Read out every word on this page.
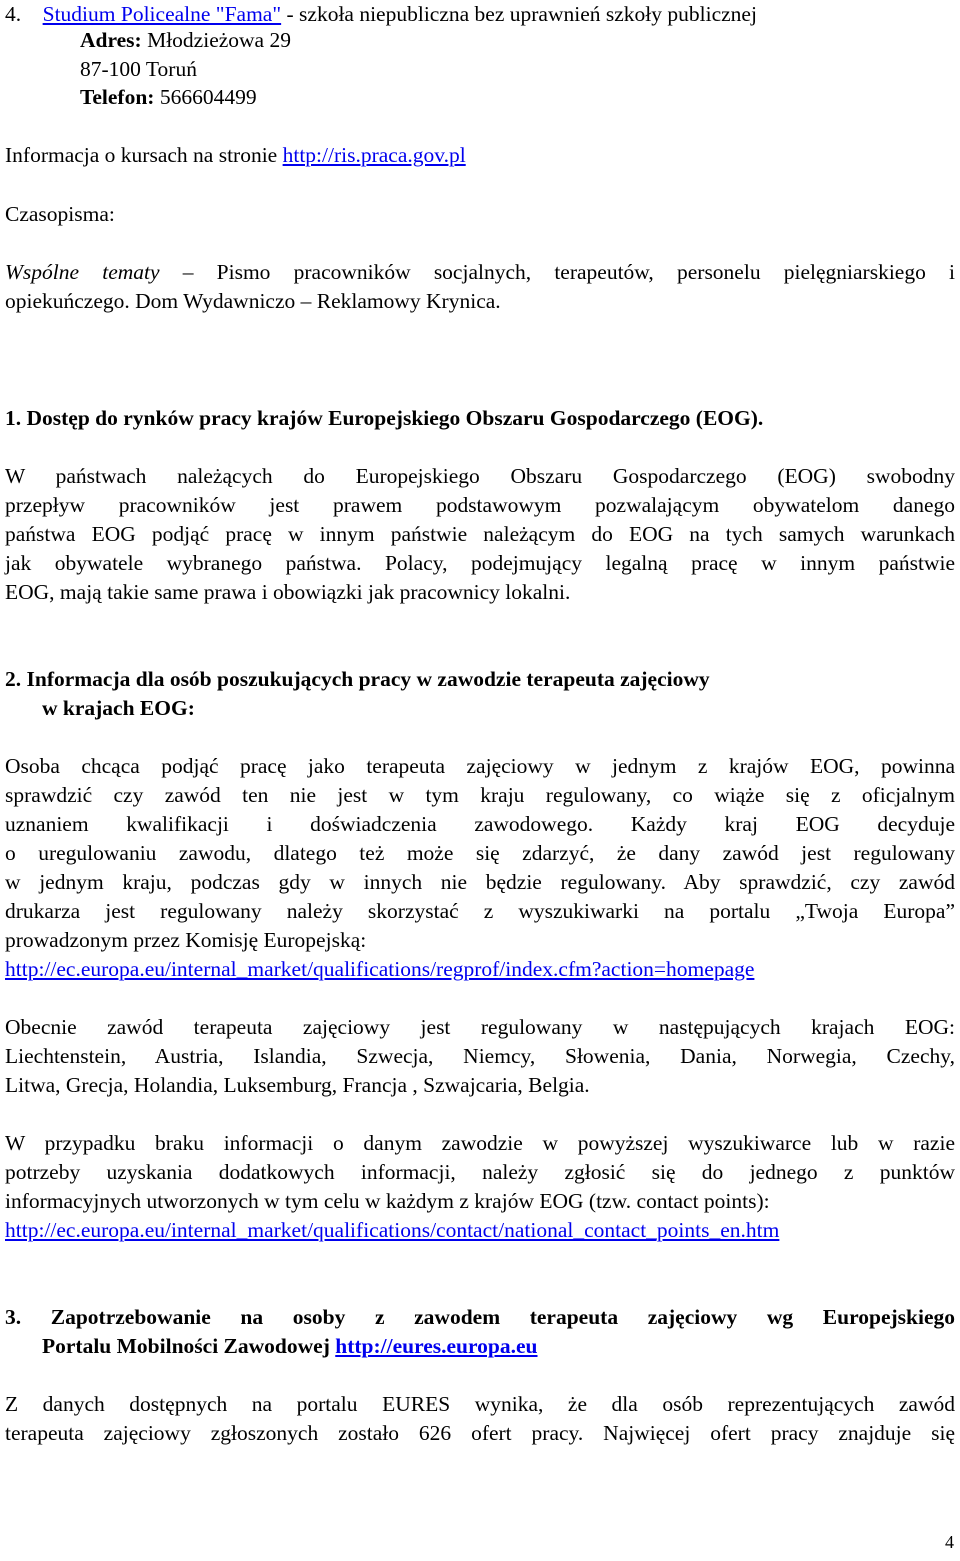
4. Studium Policealne "Fama" - szkoła niepubliczna bez uprawnień szkoły publicznej
Adres: Młodzieżowa 29
87-100 Toruń
Telefon: 566604499
Informacja o kursach na stronie http://ris.praca.gov.pl
Czasopisma:
Wspólne tematy – Pismo pracowników socjalnych, terapeutów, personelu pielęgniarskiego i
opiekuńczego. Dom Wydawniczo – Reklamowy Krynica.
1. Dostęp do rynków pracy krajów Europejskiego Obszaru Gospodarczego (EOG).
W państwach należących do Europejskiego Obszaru Gospodarczego (EOG) swobodny
przepływ pracowników jest prawem podstawowym pozwalającym obywatelom danego
państwa EOG podjąć pracę w innym państwie należącym do EOG na tych samych warunkach
jak obywatele wybranego państwa. Polacy, podejmujący legalną pracę w innym państwie
EOG, mają takie same prawa i obowiązki jak pracownicy lokalni.
2. Informacja dla osób poszukujących pracy w zawodzie terapeuta zajęciowy
w krajach EOG:
Osoba chcąca podjąć pracę jako terapeuta zajęciowy w jednym z krajów EOG, powinna
sprawdzić czy zawód ten nie jest w tym kraju regulowany, co wiąże się z oficjalnym
uznaniem kwalifikacji i doświadczenia zawodowego. Każdy kraj EOG decyduje
o uregulowaniu zawodu, dlatego też może się zdarzyć, że dany zawód jest regulowany
w jednym kraju, podczas gdy w innych nie będzie regulowany. Aby sprawdzić, czy zawód
drukarza jest regulowany należy skorzystać z wyszukiwarki na portalu „Twoja Europa”
prowadzonym przez Komisję Europejską:
http://ec.europa.eu/internal_market/qualifications/regprof/index.cfm?action=homepage
Obecnie zawód terapeuta zajęciowy jest regulowany w następujących krajach EOG:
Liechtenstein, Austria, Islandia, Szwecja, Niemcy, Słowenia, Dania, Norwegia, Czechy,
Litwa, Grecja, Holandia, Luksemburg, Francja , Szwajcaria, Belgia.
W przypadku braku informacji o danym zawodzie w powyższej wyszukiwarce lub w razie
potrzeby uzyskania dodatkowych informacji, należy zgłosić się do jednego z punktów
informacyjnych utworzonych w tym celu w każdym z krajów EOG (tzw. contact points):
http://ec.europa.eu/internal_market/qualifications/contact/national_contact_points_en.htm
3. Zapotrzebowanie na osoby z zawodem terapeuta zajęciowy wg Europejskiego
Portalu Mobilności Zawodowej http://eures.europa.eu
Z danych dostępnych na portalu EURES wynika, że dla osób reprezentujących zawód
terapeuta zajęciowy zgłoszonych zostało 626 ofert pracy. Najwięcej ofert pracy znajduje się
4
